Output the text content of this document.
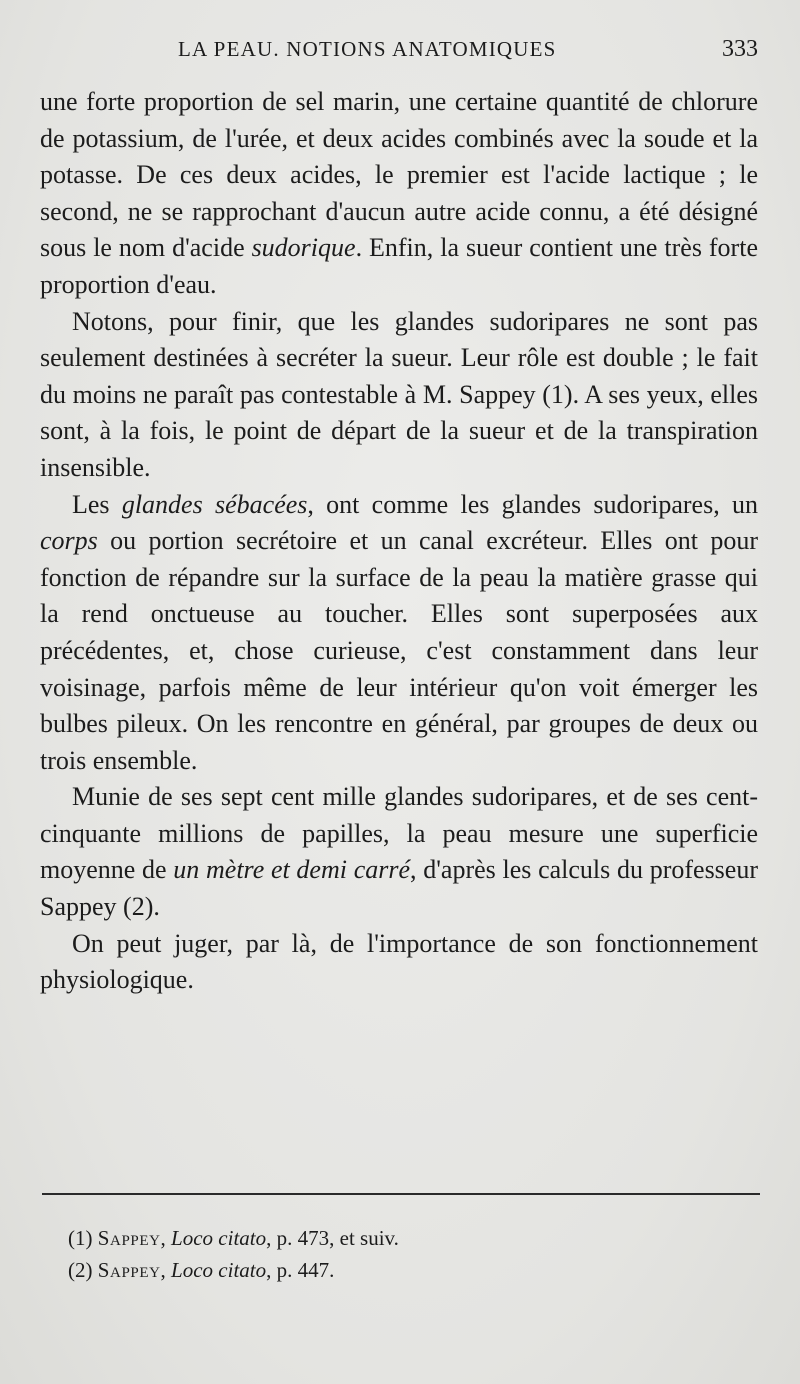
LA PEAU. NOTIONS ANATOMIQUES	333

une forte proportion de sel marin, une certaine quantité de chlorure de potassium, de l'urée, et deux acides combinés avec la soude et la potasse. De ces deux acides, le premier est l'acide lactique ; le second, ne se rapprochant d'aucun autre acide connu, a été désigné sous le nom d'acide sudorique. Enfin, la sueur contient une très forte proportion d'eau.

Notons, pour finir, que les glandes sudoripares ne sont pas seulement destinées à secréter la sueur. Leur rôle est double ; le fait du moins ne paraît pas contestable à M. Sappey (1). A ses yeux, elles sont, à la fois, le point de départ de la sueur et de la transpiration insensible.

Les glandes sébacées, ont comme les glandes sudoripares, un corps ou portion secrétoire et un canal excréteur. Elles ont pour fonction de répandre sur la surface de la peau la matière grasse qui la rend onctueuse au toucher. Elles sont superposées aux précédentes, et, chose curieuse, c'est constamment dans leur voisinage, parfois même de leur intérieur qu'on voit émerger les bulbes pileux. On les rencontre en général, par groupes de deux ou trois ensemble.

Munie de ses sept cent mille glandes sudoripares, et de ses cent-cinquante millions de papilles, la peau mesure une superficie moyenne de un mètre et demi carré, d'après les calculs du professeur Sappey (2).

On peut juger, par là, de l'importance de son fonctionnement physiologique.

(1) Sappey, Loco citato, p. 473, et suiv.

(2) Sappey, Loco citato, p. 447.
